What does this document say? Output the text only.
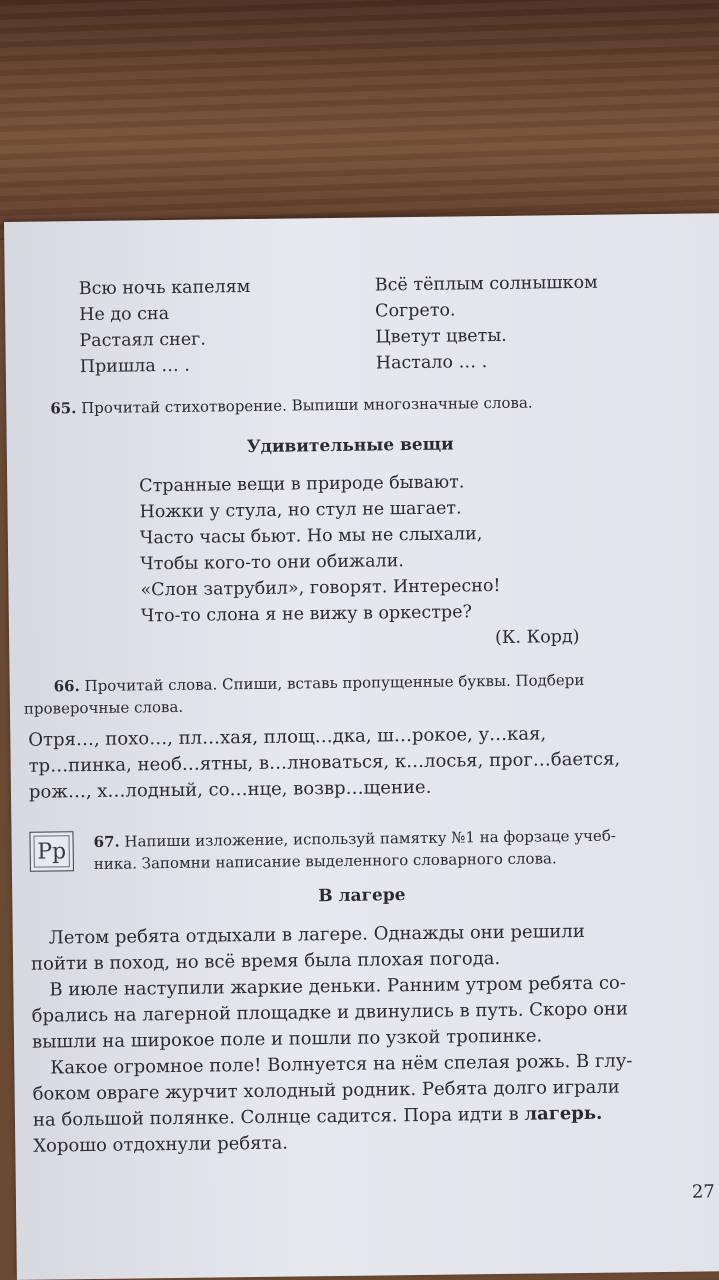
Всю ночь капелям
Не до сна
Растаял снег.
Пришла … .
Всё тёплым солнышком
Согрето.
Цветут цветы.
Настало … .
65. Прочитай стихотворение. Выпиши многозначные слова.
Удивительные вещи
Странные вещи в природе бывают.
Ножки у стула, но стул не шагает.
Часто часы бьют. Но мы не слыхали,
Чтобы кого-то они обижали.
«Слон затрубил», говорят. Интересно!
Что-то слона я не вижу в оркестре?
(К. Корд)
66. Прочитай слова. Спиши, вставь пропущенные буквы. Подбери
проверочные слова.
Отря…, похо…, пл…хая, площ…дка, ш…рокое, у…кая,
тр…пинка, необ…ятны, в…лноваться, к…лосья, прог…бается,
рож…, х…лодный, со…нце, возвр…щение.
Pp	67. Напиши изложение, используй памятку №1 на форзаце учеб-
ника. Запомни написание выделенного словарного слова.
В лагере
Летом ребята отдыхали в лагере. Однажды они решили
пойти в поход, но всё время была плохая погода.
В июле наступили жаркие деньки. Ранним утром ребята со-
брались на лагерной площадке и двинулись в путь. Скоро они
вышли на широкое поле и пошли по узкой тропинке.
Какое огромное поле! Волнуется на нём спелая рожь. В глу-
боком овраге журчит холодный родник. Ребята долго играли
на большой полянке. Солнце садится. Пора идти в лагерь.
Хорошо отдохнули ребята.
27
